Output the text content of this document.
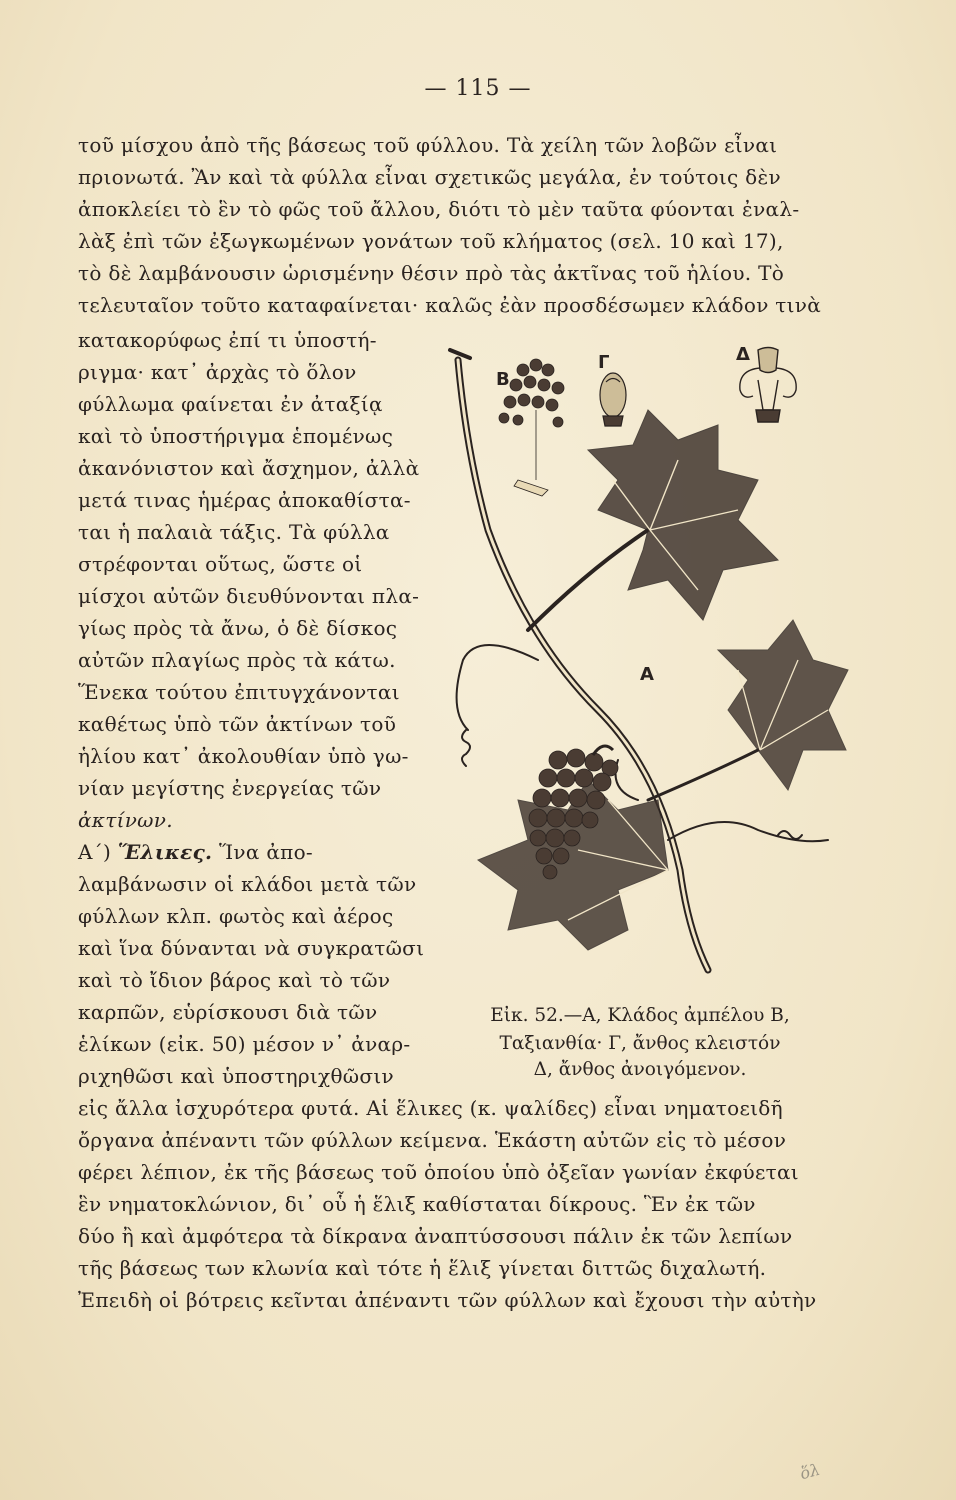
— 115 —
τοῦ μίσχου ἀπὸ τῆς βάσεως τοῦ φύλλου. Τὰ χείλη τῶν λοβῶν εἶναι
πριονωτά. Ἂν καὶ τὰ φύλλα εἶναι σχετικῶς μεγάλα, ἐν τούτοις δὲν
ἀποκλείει τὸ ἓν τὸ φῶς τοῦ ἄλλου, διότι τὸ μὲν ταῦτα φύονται ἐναλ-
λὰξ ἐπὶ τῶν ἐξωγκωμένων γονάτων τοῦ κλήματος (σελ. 10 καὶ 17),
τὸ δὲ λαμβάνουσιν ὡρισμένην θέσιν πρὸ τὰς ἀκτῖνας τοῦ ἡλίου. Τὸ
τελευταῖον τοῦτο καταφαίνεται· καλῶς ἐὰν προσδέσωμεν κλάδον τινὰ
κατακορύφως ἐπί τι ὑποστή-
ριγμα· κατ᾽ ἀρχὰς τὸ ὅλον
φύλλωμα φαίνεται ἐν ἀταξίᾳ
καὶ τὸ ὑποστήριγμα ἑπομένως
ἀκανόνιστον καὶ ἄσχημον, ἀλλὰ
μετά τινας ἡμέρας ἀποκαθίστα-
ται ἡ παλαιὰ τάξις. Τὰ φύλλα
στρέφονται οὕτως, ὥστε οἱ
μίσχοι αὐτῶν διευθύνονται πλα-
γίως πρὸς τὰ ἄνω, ὁ δὲ δίσκος
αὐτῶν πλαγίως πρὸς τὰ κάτω.
Ἕνεκα τούτου ἐπιτυγχάνονται
καθέτως ὑπὸ τῶν ἀκτίνων τοῦ
ἡλίου κατ᾽ ἀκολουθίαν ὑπὸ γω-
νίαν μεγίστης ἐνεργείας τῶν
ἀκτίνων.
Α´) Ἕλικες. Ἵνα ἀπο-
λαμβάνωσιν οἱ κλάδοι μετὰ τῶν
φύλλων κλπ. φωτὸς καὶ ἀέρος
καὶ ἵνα δύνανται νὰ συγκρατῶσι
καὶ τὸ ἴδιον βάρος καὶ τὸ τῶν
καρπῶν, εὑρίσκουσι διὰ τῶν
ἑλίκων (εἰκ. 50) μέσον ν᾽ ἀναρ-
ριχηθῶσι καὶ ὑποστηριχθῶσιν
Β
Γ	Δ
Α
Εἰκ. 52.—Α, Κλάδος ἀμπέλου Β,
Ταξιανθία· Γ, ἄνθος κλειστόν
Δ, ἄνθος ἀνοιγόμενον.
εἰς ἄλλα ἰσχυρότερα φυτά. Αἱ ἕλικες (κ. ψαλίδες) εἶναι νηματοειδῆ
ὄργανα ἀπέναντι τῶν φύλλων κείμενα. Ἑκάστη αὐτῶν εἰς τὸ μέσον
φέρει λέπιον, ἐκ τῆς βάσεως τοῦ ὁποίου ὑπὸ ὀξεῖαν γωνίαν ἐκφύεται
ἓν νηματοκλώνιον, δι᾽ οὗ ἡ ἕλιξ καθίσταται δίκρους. Ἓν ἐκ τῶν
δύο ἢ καὶ ἀμφότερα τὰ δίκρανα ἀναπτύσσουσι πάλιν ἐκ τῶν λεπίων
τῆς βάσεως των κλωνία καὶ τότε ἡ ἕλιξ γίνεται διττῶς διχαλωτή.
Ἐπειδὴ οἱ βότρεις κεῖνται ἀπέναντι τῶν φύλλων καὶ ἔχουσι τὴν αὐτὴν
ὅλ
